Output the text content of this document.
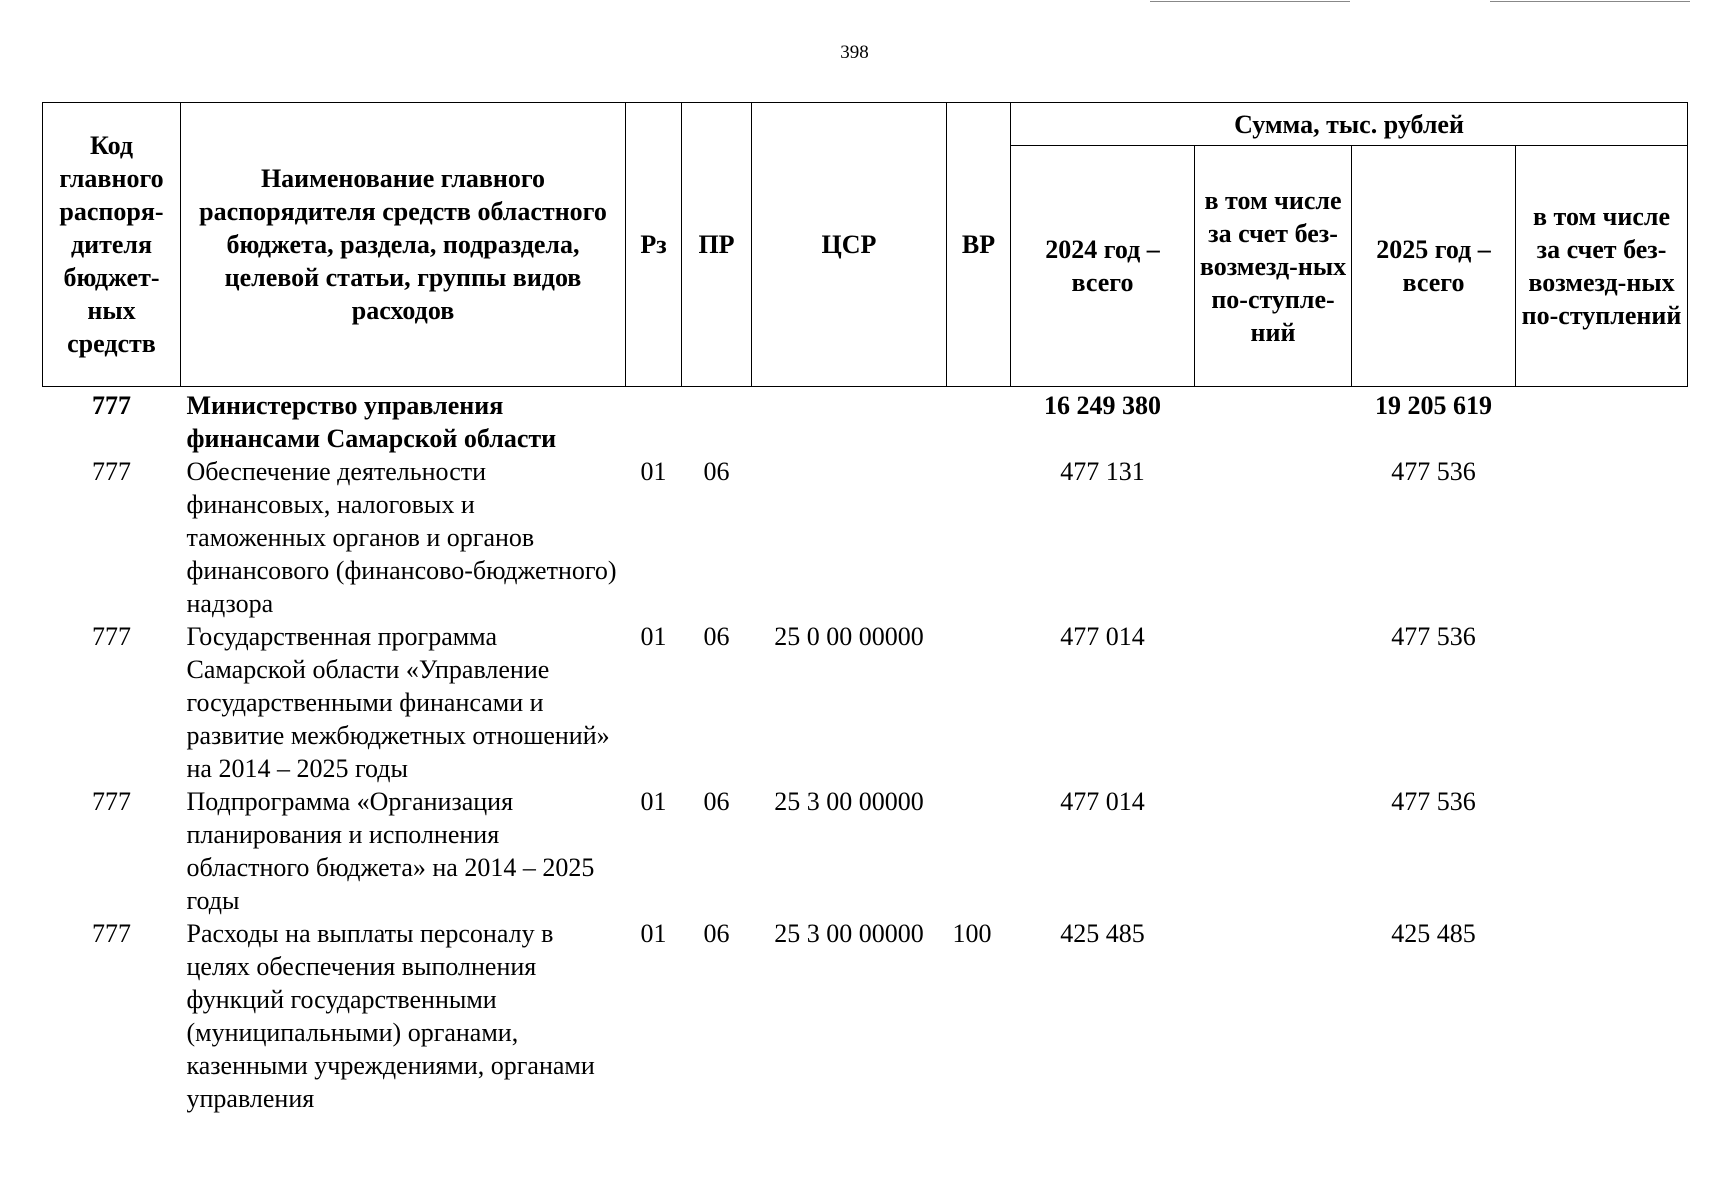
398
Код главного распоря-дителя бюджет-ных средств	Наименование главного распорядителя средств областного бюджета, раздела, подраздела, целевой статьи, группы видов расходов	Рз	ПР	ЦСР	ВР	Сумма, тыс. рублей			
						2024 год – всего	в том числе за счет без-возмезд-ных по-ступле-ний	2025 год – всего	в том числе за счет без-возмезд-ных по-ступлений
777	Министерство управления финансами Самарской области					16 249 380		19 205 619	
777	Обеспечение деятельности финансовых, налоговых и таможенных органов и органов финансового (финансово-бюджетного) надзора	01	06			477 131		477 536	
777	Государственная программа Самарской области «Управление государственными финансами и развитие межбюджетных отношений» на 2014 – 2025 годы	01	06	25 0 00 00000		477 014		477 536	
777	Подпрограмма «Организация планирования и исполнения областного бюджета» на 2014 – 2025 годы	01	06	25 3 00 00000		477 014		477 536	
777	Расходы на выплаты персоналу в целях обеспечения выполнения функций государственными (муниципальными) органами, казенными учреждениями, органами управления	01	06	25 3 00 00000	100	425 485		425 485	
